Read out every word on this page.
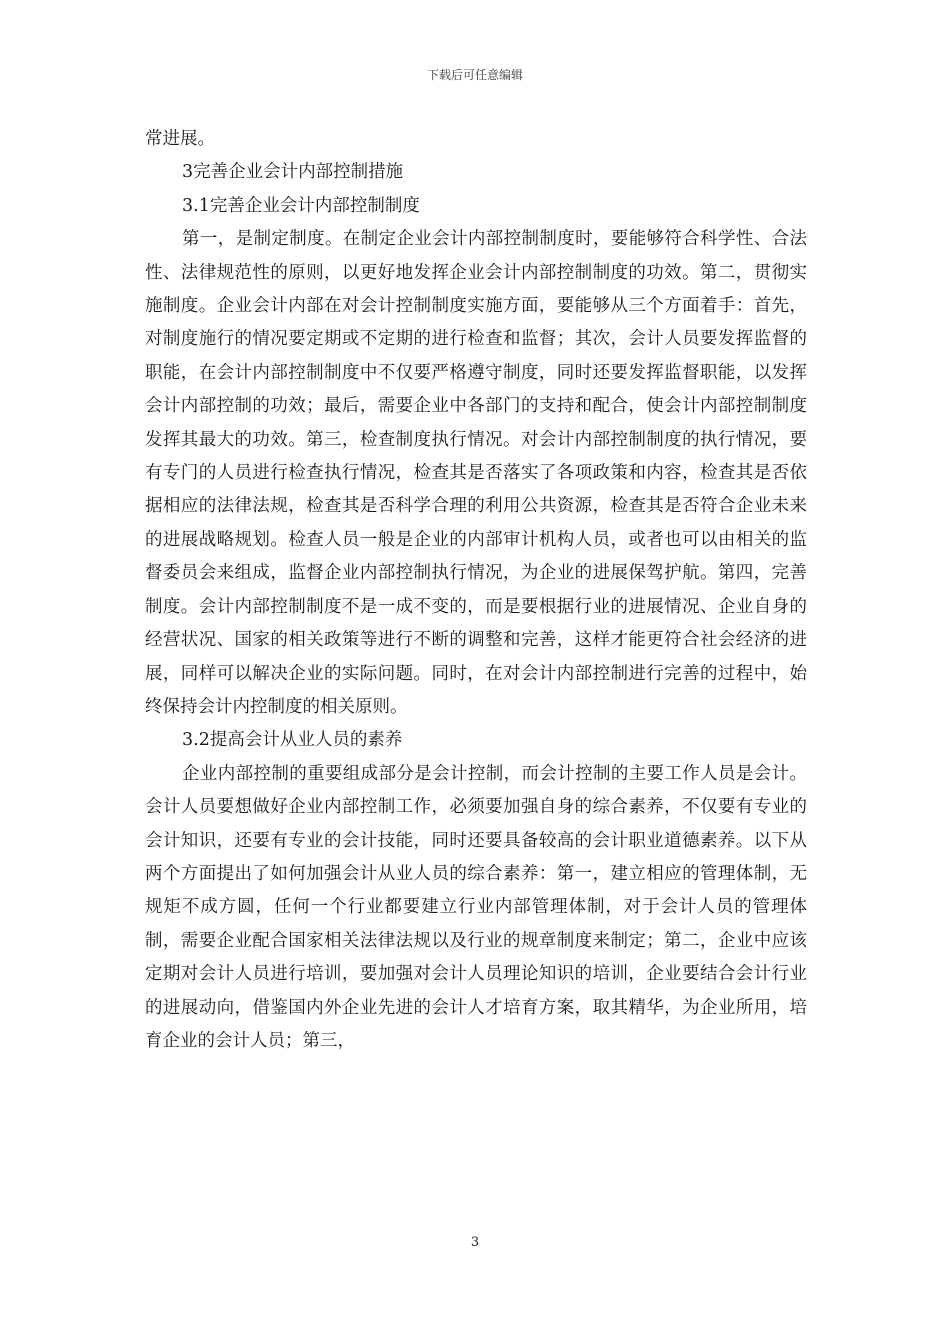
下载后可任意编辑

常进展。

3完善企业会计内部控制措施

3.1完善企业会计内部控制制度

第一，是制定制度。在制定企业会计内部控制制度时，要能够符合科学性、合法性、法律规范性的原则，以更好地发挥企业会计内部控制制度的功效。第二，贯彻实施制度。企业会计内部在对会计控制制度实施方面，要能够从三个方面着手：首先，对制度施行的情况要定期或不定期的进行检查和监督；其次，会计人员要发挥监督的职能，在会计内部控制制度中不仅要严格遵守制度，同时还要发挥监督职能，以发挥会计内部控制的功效；最后，需要企业中各部门的支持和配合，使会计内部控制制度发挥其最大的功效。第三，检查制度执行情况。对会计内部控制制度的执行情况，要有专门的人员进行检查执行情况，检查其是否落实了各项政策和内容，检查其是否依据相应的法律法规，检查其是否科学合理的利用公共资源，检查其是否符合企业未来的进展战略规划。检查人员一般是企业的内部审计机构人员，或者也可以由相关的监督委员会来组成，监督企业内部控制执行情况，为企业的进展保驾护航。第四，完善制度。会计内部控制制度不是一成不变的，而是要根据行业的进展情况、企业自身的经营状况、国家的相关政策等进行不断的调整和完善，这样才能更符合社会经济的进展，同样可以解决企业的实际问题。同时，在对会计内部控制进行完善的过程中，始终保持会计内控制度的相关原则。

3.2提高会计从业人员的素养

企业内部控制的重要组成部分是会计控制，而会计控制的主要工作人员是会计。会计人员要想做好企业内部控制工作，必须要加强自身的综合素养，不仅要有专业的会计知识，还要有专业的会计技能，同时还要具备较高的会计职业道德素养。以下从两个方面提出了如何加强会计从业人员的综合素养：第一，建立相应的管理体制，无规矩不成方圆，任何一个行业都要建立行业内部管理体制，对于会计人员的管理体制，需要企业配合国家相关法律法规以及行业的规章制度来制定；第二，企业中应该定期对会计人员进行培训，要加强对会计人员理论知识的培训，企业要结合会计行业的进展动向，借鉴国内外企业先进的会计人才培育方案，取其精华，为企业所用，培育企业的会计人员；第三，

3
